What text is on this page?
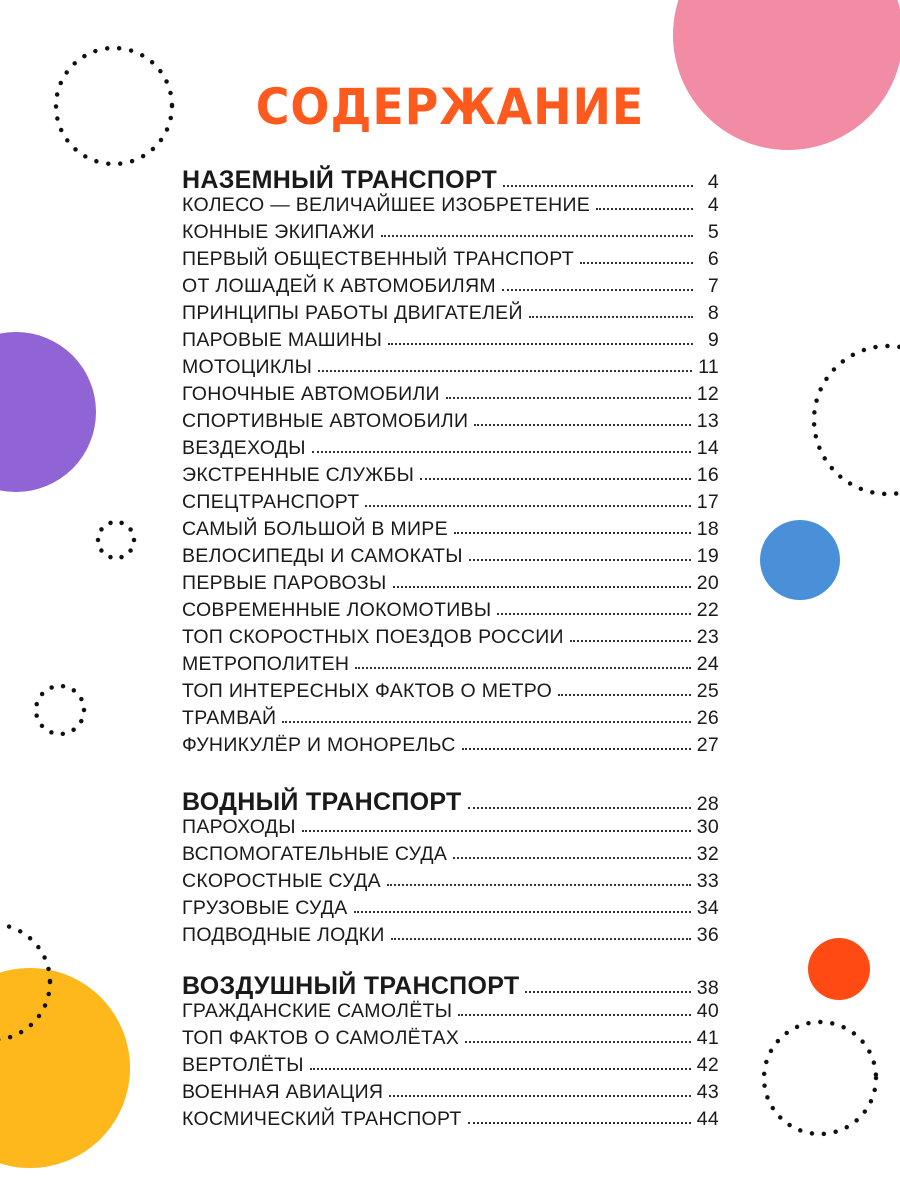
СОДЕРЖАНИЕ
НАЗЕМНЫЙ ТРАНСПОРТ	4
КОЛЕСО — ВЕЛИЧАЙШЕЕ ИЗОБРЕТЕНИЕ	4
КОННЫЕ ЭКИПАЖИ	5
ПЕРВЫЙ ОБЩЕСТВЕННЫЙ ТРАНСПОРТ	6
ОТ ЛОШАДЕЙ К АВТОМОБИЛЯМ	7
ПРИНЦИПЫ РАБОТЫ ДВИГАТЕЛЕЙ	8
ПАРОВЫЕ МАШИНЫ	9
МОТОЦИКЛЫ	11
ГОНОЧНЫЕ АВТОМОБИЛИ	12
СПОРТИВНЫЕ АВТОМОБИЛИ	13
ВЕЗДЕХОДЫ	14
ЭКСТРЕННЫЕ СЛУЖБЫ	16
СПЕЦТРАНСПОРТ	17
САМЫЙ БОЛЬШОЙ В МИРЕ	18
ВЕЛОСИПЕДЫ И САМОКАТЫ	19
ПЕРВЫЕ ПАРОВОЗЫ	20
СОВРЕМЕННЫЕ ЛОКОМОТИВЫ	22
ТОП СКОРОСТНЫХ ПОЕЗДОВ РОССИИ	23
МЕТРОПОЛИТЕН	24
ТОП ИНТЕРЕСНЫХ ФАКТОВ О МЕТРО	25
ТРАМВАЙ	26
ФУНИКУЛЁР И МОНОРЕЛЬС	27
ВОДНЫЙ ТРАНСПОРТ	28
ПАРОХОДЫ	30
ВСПОМОГАТЕЛЬНЫЕ СУДА	32
СКОРОСТНЫЕ СУДА	33
ГРУЗОВЫЕ СУДА	34
ПОДВОДНЫЕ ЛОДКИ	36
ВОЗДУШНЫЙ ТРАНСПОРТ	38
ГРАЖДАНСКИЕ САМОЛЁТЫ	40
ТОП ФАКТОВ О САМОЛЁТАХ	41
ВЕРТОЛЁТЫ	42
ВОЕННАЯ АВИАЦИЯ	43
КОСМИЧЕСКИЙ ТРАНСПОРТ	44
